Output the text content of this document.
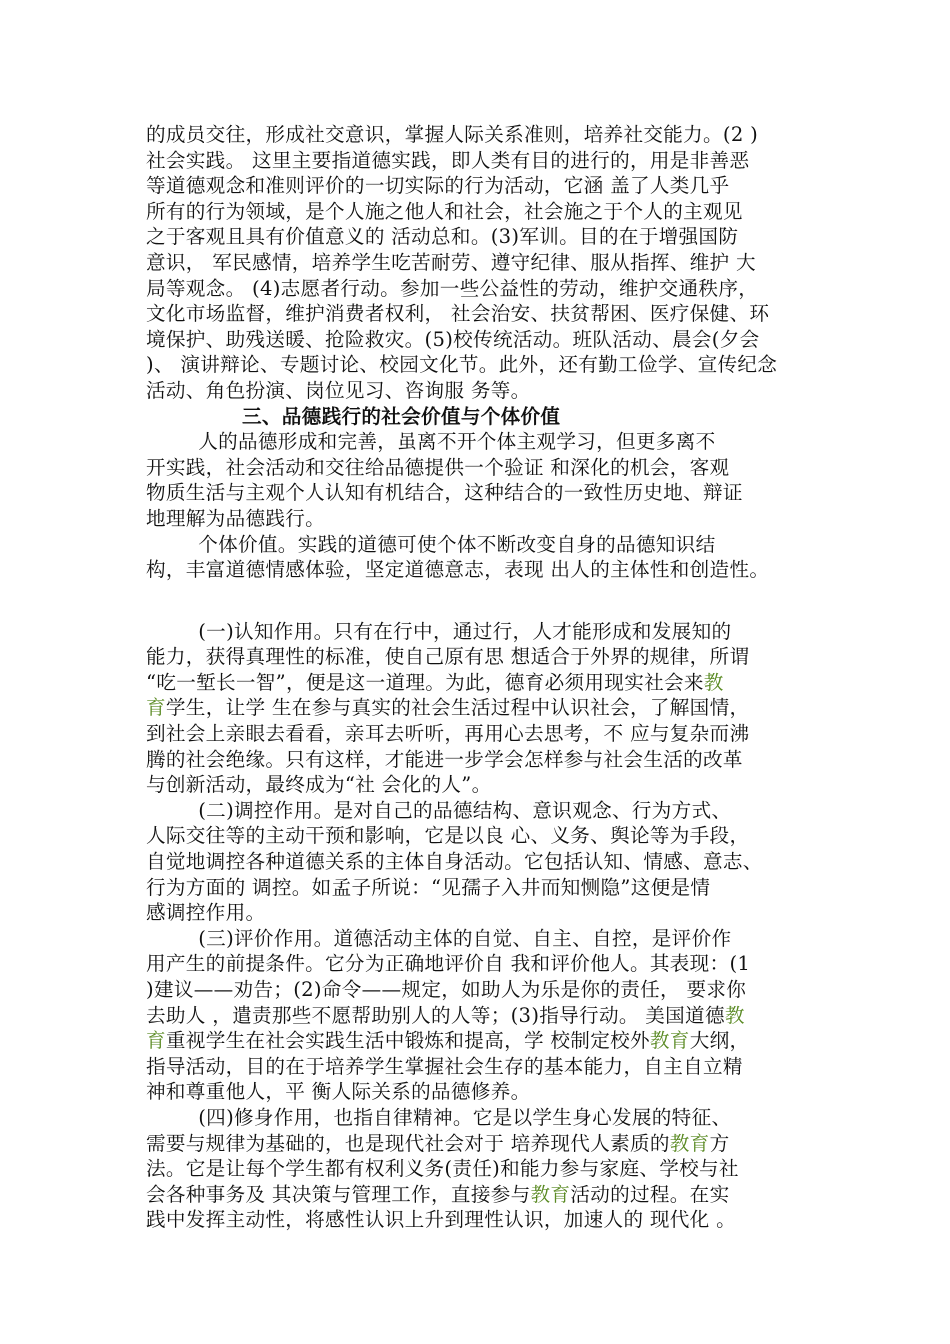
的成员交往，形成社交意识，掌握人际关系准则，培养社交能力。(2 )
社会实践。 这里主要指道德实践，即人类有目的进行的，用是非善恶
等道德观念和准则评价的一切实际的行为活动，它涵 盖了人类几乎
所有的行为领域，是个人施之他人和社会，社会施之于个人的主观见
之于客观且具有价值意义的 活动总和。(3)军训。目的在于增强国防
意识， 军民感情，培养学生吃苦耐劳、遵守纪律、服从指挥、维护 大
局等观念。 (4)志愿者行动。参加一些公益性的劳动，维护交通秩序，
文化市场监督，维护消费者权利， 社会治安、扶贫帮困、医疗保健、环
境保护、助残送暖、抢险救灾。(5)校传统活动。班队活动、晨会(夕会
)、 演讲辩论、专题讨论、校园文化节。此外，还有勤工俭学、宣传纪念
活动、角色扮演、岗位见习、咨询服 务等。
三、品德践行的社会价值与个体价值
人的品德形成和完善，虽离不开个体主观学习，但更多离不
开实践，社会活动和交往给品德提供一个验证 和深化的机会，客观
物质生活与主观个人认知有机结合，这种结合的一致性历史地、辩证
地理解为品德践行。
个体价值。实践的道德可使个体不断改变自身的品德知识结
构，丰富道德情感体验，坚定道德意志，表现 出人的主体性和创造性。
(一)认知作用。只有在行中，通过行，人才能形成和发展知的
能力，获得真理性的标准，使自己原有思 想适合于外界的规律，所谓
“吃一堑长一智”，便是这一道理。为此，德育必须用现实社会来教
育学生，让学 生在参与真实的社会生活过程中认识社会，了解国情，
到社会上亲眼去看看，亲耳去听听，再用心去思考，不 应与复杂而沸
腾的社会绝缘。只有这样，才能进一步学会怎样参与社会生活的改革
与创新活动，最终成为“社 会化的人”。
(二)调控作用。是对自己的品德结构、意识观念、行为方式、
人际交往等的主动干预和影响，它是以良 心、义务、舆论等为手段，
自觉地调控各种道德关系的主体自身活动。它包括认知、情感、意志、
行为方面的 调控。如孟子所说：“见孺子入井而知恻隐”这便是情
感调控作用。
(三)评价作用。道德活动主体的自觉、自主、自控，是评价作
用产生的前提条件。它分为正确地评价自 我和评价他人。其表现：(1
)建议——劝告；(2)命令——规定，如助人为乐是你的责任， 要求你
去助人 ，遣责那些不愿帮助别人的人等；(3)指导行动。 美国道德教
育重视学生在社会实践生活中锻炼和提高，学 校制定校外教育大纲，
指导活动，目的在于培养学生掌握社会生存的基本能力，自主自立精
神和尊重他人，平 衡人际关系的品德修养。
(四)修身作用，也指自律精神。它是以学生身心发展的特征、
需要与规律为基础的，也是现代社会对于 培养现代人素质的教育方
法。它是让每个学生都有权利义务(责任)和能力参与家庭、学校与社
会各种事务及 其决策与管理工作，直接参与教育活动的过程。在实
践中发挥主动性，将感性认识上升到理性认识，加速人的 现代化 。
